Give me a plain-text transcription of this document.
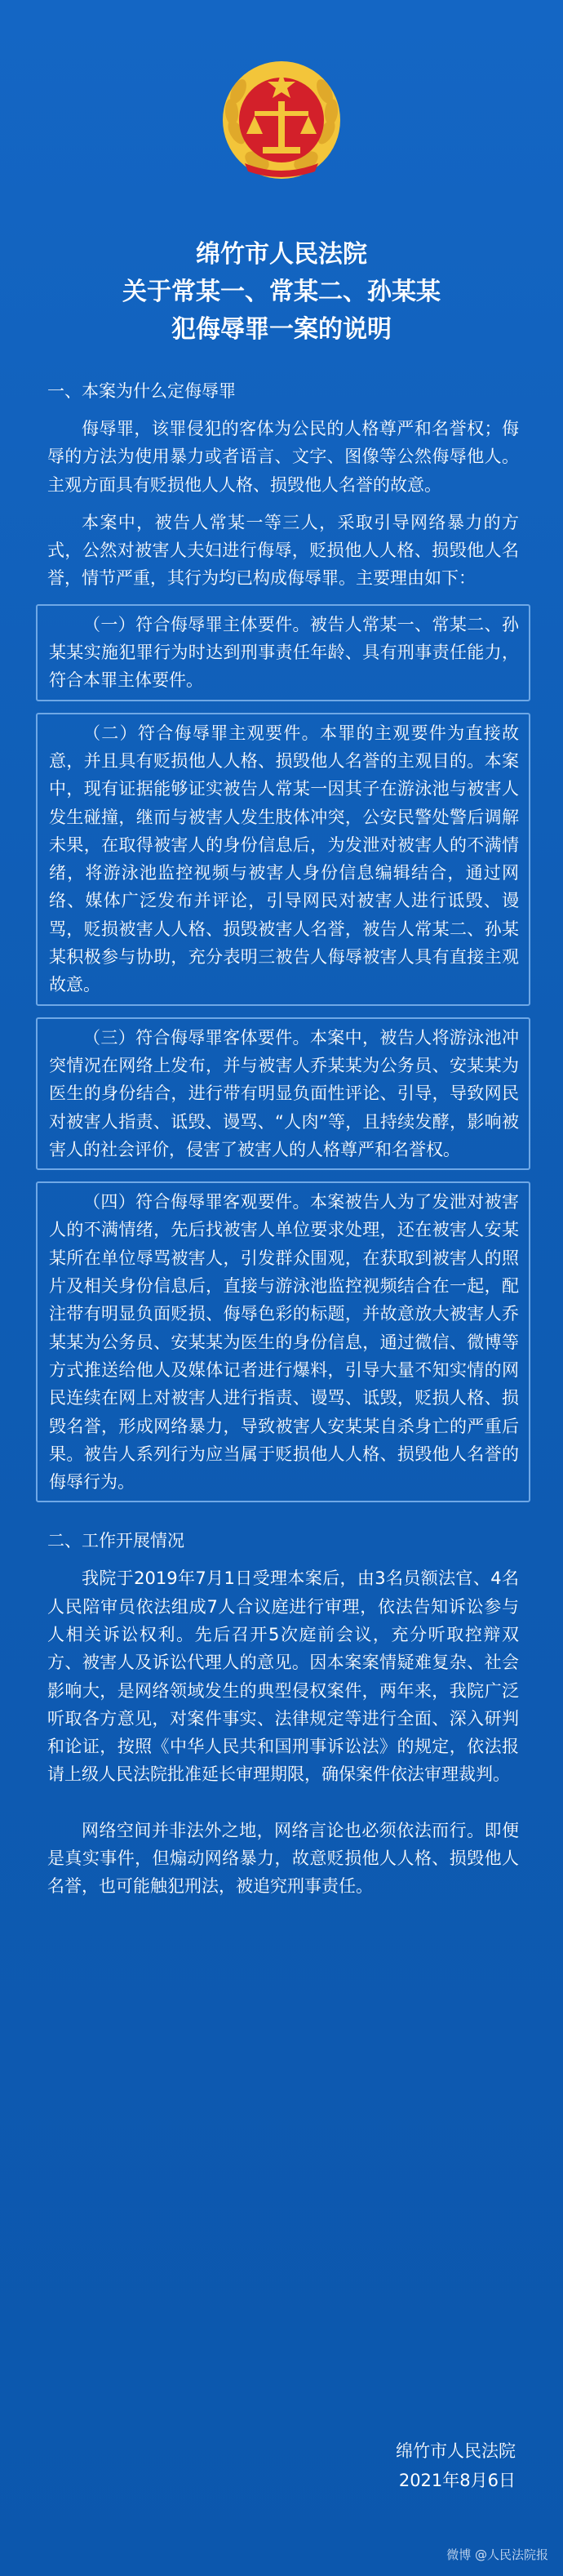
绵竹市人民法院
关于常某一、常某二、孙某某
犯侮辱罪一案的说明
一、本案为什么定侮辱罪
侮辱罪，该罪侵犯的客体为公民的人格尊严和名誉权；侮辱的方法为使用暴力或者语言、文字、图像等公然侮辱他人。主观方面具有贬损他人人格、损毁他人名誉的故意。
本案中，被告人常某一等三人，采取引导网络暴力的方式，公然对被害人夫妇进行侮辱，贬损他人人格、损毁他人名誉，情节严重，其行为均已构成侮辱罪。主要理由如下：
（一）符合侮辱罪主体要件。被告人常某一、常某二、孙某某实施犯罪行为时达到刑事责任年龄、具有刑事责任能力，符合本罪主体要件。
（二）符合侮辱罪主观要件。本罪的主观要件为直接故意，并且具有贬损他人人格、损毁他人名誉的主观目的。本案中，现有证据能够证实被告人常某一因其子在游泳池与被害人发生碰撞，继而与被害人发生肢体冲突，公安民警处警后调解未果，在取得被害人的身份信息后，为发泄对被害人的不满情绪，将游泳池监控视频与被害人身份信息编辑结合，通过网络、媒体广泛发布并评论，引导网民对被害人进行诋毁、谩骂，贬损被害人人格、损毁被害人名誉，被告人常某二、孙某某积极参与协助，充分表明三被告人侮辱被害人具有直接主观故意。
（三）符合侮辱罪客体要件。本案中，被告人将游泳池冲突情况在网络上发布，并与被害人乔某某为公务员、安某某为医生的身份结合，进行带有明显负面性评论、引导，导致网民对被害人指责、诋毁、谩骂、“人肉”等，且持续发酵，影响被害人的社会评价，侵害了被害人的人格尊严和名誉权。
（四）符合侮辱罪客观要件。本案被告人为了发泄对被害人的不满情绪，先后找被害人单位要求处理，还在被害人安某某所在单位辱骂被害人，引发群众围观，在获取到被害人的照片及相关身份信息后，直接与游泳池监控视频结合在一起，配注带有明显负面贬损、侮辱色彩的标题，并故意放大被害人乔某某为公务员、安某某为医生的身份信息，通过微信、微博等方式推送给他人及媒体记者进行爆料，引导大量不知实情的网民连续在网上对被害人进行指责、谩骂、诋毁，贬损人格、损毁名誉，形成网络暴力，导致被害人安某某自杀身亡的严重后果。被告人系列行为应当属于贬损他人人格、损毁他人名誉的侮辱行为。
二、工作开展情况
我院于2019年7月1日受理本案后，由3名员额法官、4名人民陪审员依法组成7人合议庭进行审理，依法告知诉讼参与人相关诉讼权利。先后召开5次庭前会议，充分听取控辩双方、被害人及诉讼代理人的意见。因本案案情疑难复杂、社会影响大，是网络领域发生的典型侵权案件，两年来，我院广泛听取各方意见，对案件事实、法律规定等进行全面、深入研判和论证，按照《中华人民共和国刑事诉讼法》的规定，依法报请上级人民法院批准延长审理期限，确保案件依法审理裁判。
网络空间并非法外之地，网络言论也必须依法而行。即便是真实事件，但煽动网络暴力，故意贬损他人人格、损毁他人名誉，也可能触犯刑法，被追究刑事责任。
绵竹市人民法院
2021年8月6日
微博 @人民法院报
